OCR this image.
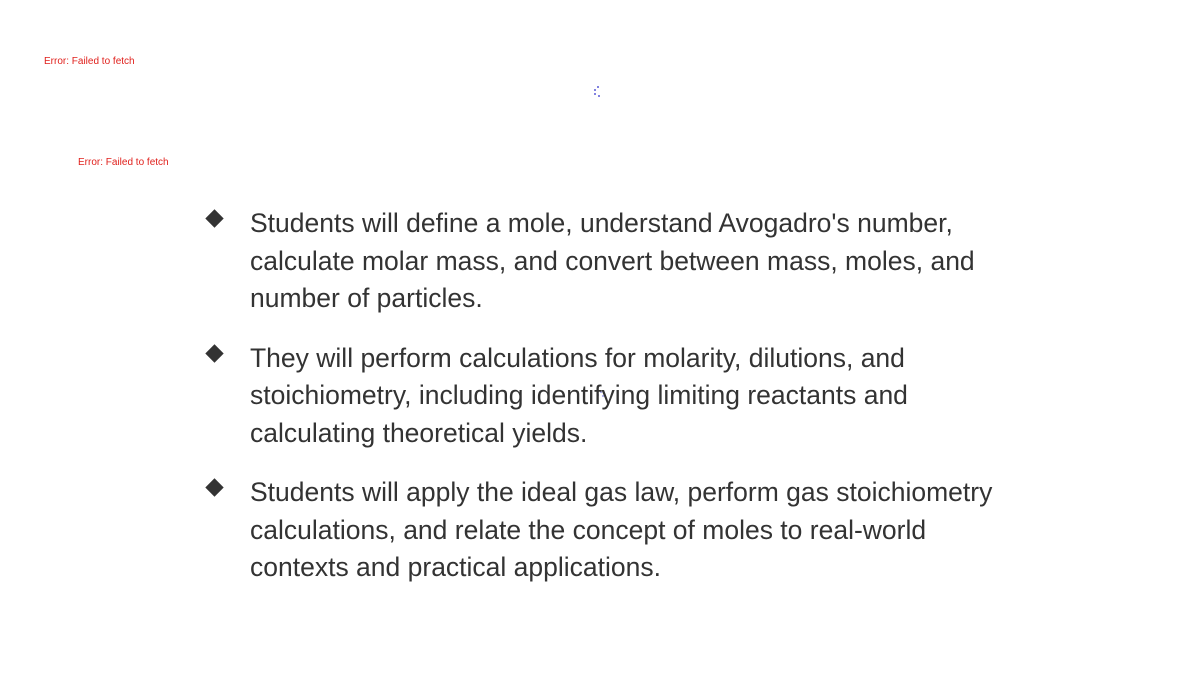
Error: Failed to fetch
Error: Failed to fetch
Students will define a mole, understand Avogadro's number,
calculate molar mass, and convert between mass, moles, and
number of particles.
They will perform calculations for molarity, dilutions, and
stoichiometry, including identifying limiting reactants and
calculating theoretical yields.
Students will apply the ideal gas law, perform gas stoichiometry
calculations, and relate the concept of moles to real-world
contexts and practical applications.
